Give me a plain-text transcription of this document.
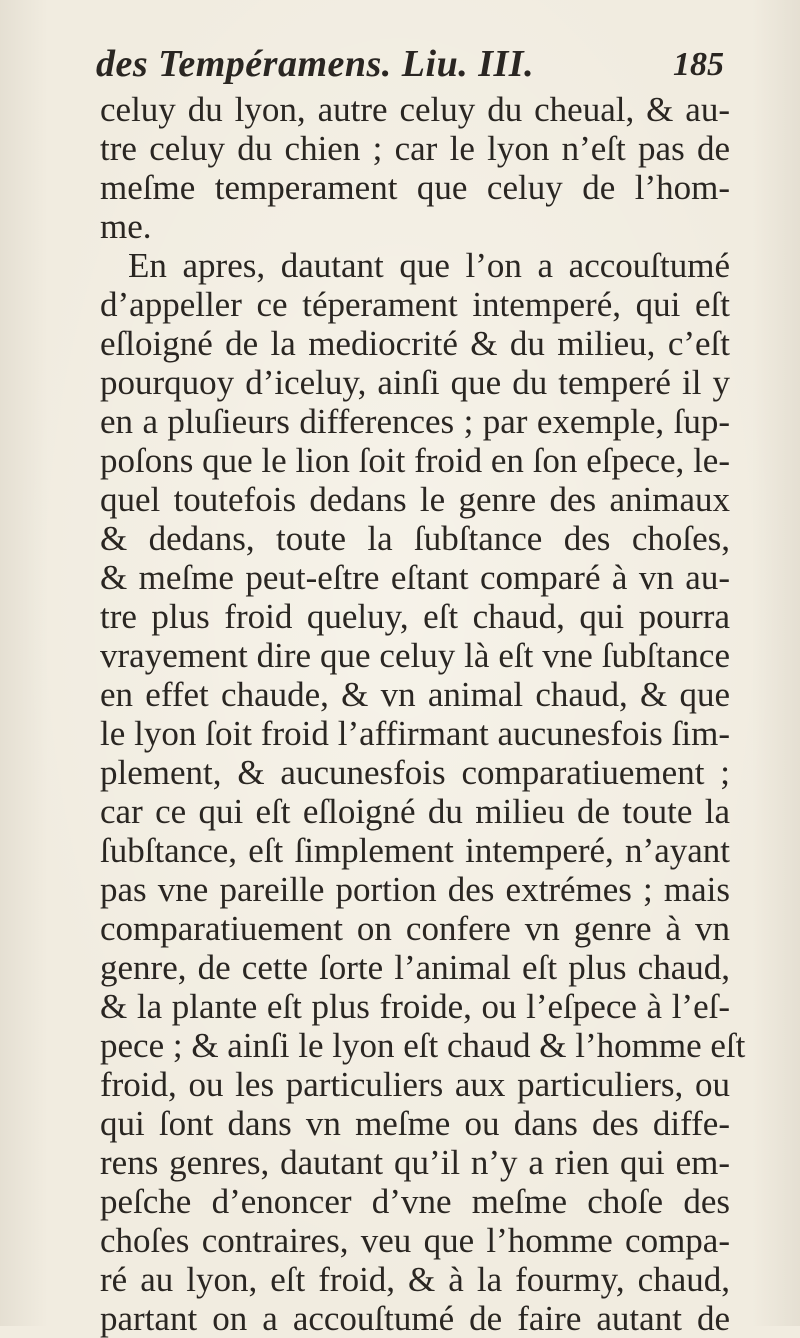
des Tempéramens. Liu. III.	185
celuy du lyon, autre celuy du cheual, & au-
tre celuy du chien ; car le lyon n’eſt pas de
meſme temperament que celuy de l’hom-
me.
En apres, dautant que l’on a accouſtumé
d’appeller ce téperament intemperé, qui eſt
eſloigné de la mediocrité & du milieu, c’eſt
pourquoy d’iceluy, ainſi que du temperé il y
en a pluſieurs differences ; par exemple, ſup-
poſons que le lion ſoit froid en ſon eſpece, le-
quel toutefois dedans le genre des animaux
& dedans, toute la ſubſtance des choſes,
& meſme peut-eſtre eſtant comparé à vn au-
tre plus froid queluy, eſt chaud, qui pourra
vrayement dire que celuy là eſt vne ſubſtance
en effet chaude, & vn animal chaud, & que
le lyon ſoit froid l’affirmant aucunesfois ſim-
plement, & aucunesfois comparatiuement ;
car ce qui eſt eſloigné du milieu de toute la
ſubſtance, eſt ſimplement intemperé, n’ayant
pas vne pareille portion des extrémes ; mais
comparatiuement on confere vn genre à vn
genre, de cette ſorte l’animal eſt plus chaud,
& la plante eſt plus froide, ou l’eſpece à l’eſ-
pece ; & ainſi le lyon eſt chaud & l’homme eſt
froid, ou les particuliers aux particuliers, ou
qui ſont dans vn meſme ou dans des diffe-
rens genres, dautant qu’il n’y a rien qui em-
peſche d’enoncer d’vne meſme choſe des
choſes contraires, veu que l’homme compa-
ré au lyon, eſt froid, & à la fourmy, chaud,
partant on a accouſtumé de faire autant de
